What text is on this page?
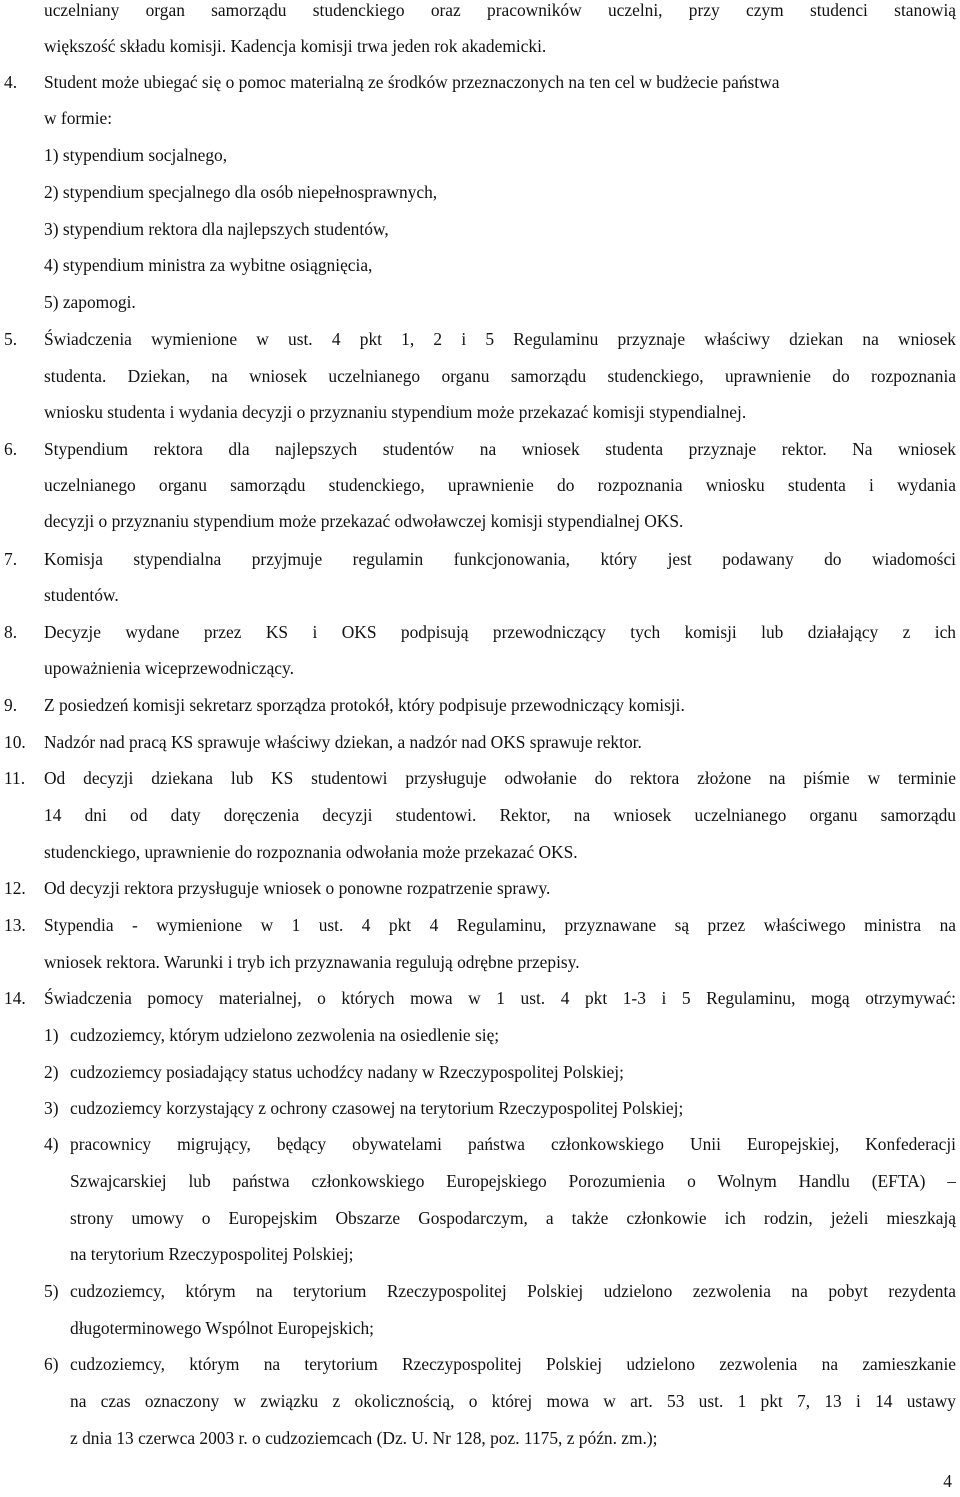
uczelniany organ samorządu studenckiego oraz pracowników uczelni, przy czym studenci stanowią
większość składu komisji. Kadencja komisji trwa jeden rok akademicki.
4. Student może ubiegać się o pomoc materialną ze środków przeznaczonych na ten cel w budżecie państwa
w formie:
1) stypendium socjalnego,
2) stypendium specjalnego dla osób niepełnosprawnych,
3) stypendium rektora dla najlepszych studentów,
4) stypendium ministra za wybitne osiągnięcia,
5) zapomogi.
5. Świadczenia wymienione w ust. 4 pkt 1, 2 i 5 Regulaminu przyznaje właściwy dziekan na wniosek
studenta. Dziekan, na wniosek uczelnianego organu samorządu studenckiego, uprawnienie do rozpoznania
wniosku studenta i wydania decyzji o przyznaniu stypendium może przekazać komisji stypendialnej.
6. Stypendium rektora dla najlepszych studentów na wniosek studenta przyznaje rektor. Na wniosek
uczelnianego organu samorządu studenckiego, uprawnienie do rozpoznania wniosku studenta i wydania
decyzji o przyznaniu stypendium może przekazać odwoławczej komisji stypendialnej OKS.
7. Komisja stypendialna przyjmuje regulamin funkcjonowania, który jest podawany do wiadomości
studentów.
8. Decyzje wydane przez KS i OKS podpisują przewodniczący tych komisji lub działający z ich
upoważnienia wiceprzewodniczący.
9. Z posiedzeń komisji sekretarz sporządza protokół, który podpisuje przewodniczący komisji.
10. Nadzór nad pracą KS sprawuje właściwy dziekan, a nadzór nad OKS sprawuje rektor.
11. Od decyzji dziekana lub KS studentowi przysługuje odwołanie do rektora złożone na piśmie w terminie
14 dni od daty doręczenia decyzji studentowi. Rektor, na wniosek uczelnianego organu samorządu
studenckiego, uprawnienie do rozpoznania odwołania może przekazać OKS.
12. Od decyzji rektora przysługuje wniosek o ponowne rozpatrzenie sprawy.
13. Stypendia - wymienione w 1 ust. 4 pkt 4 Regulaminu, przyznawane są przez właściwego ministra na
wniosek rektora. Warunki i tryb ich przyznawania regulują odrębne przepisy.
14. Świadczenia pomocy materialnej, o których mowa w 1 ust. 4 pkt 1-3 i 5 Regulaminu, mogą otrzymywać:
1) cudzoziemcy, którym udzielono zezwolenia na osiedlenie się;
2) cudzoziemcy posiadający status uchodźcy nadany w Rzeczypospolitej Polskiej;
3) cudzoziemcy korzystający z ochrony czasowej na terytorium Rzeczypospolitej Polskiej;
4) pracownicy migrujący, będący obywatelami państwa członkowskiego Unii Europejskiej, Konfederacji
Szwajcarskiej lub państwa członkowskiego Europejskiego Porozumienia o Wolnym Handlu (EFTA) –
strony umowy o Europejskim Obszarze Gospodarczym, a także członkowie ich rodzin, jeżeli mieszkają
na terytorium Rzeczypospolitej Polskiej;
5) cudzoziemcy, którym na terytorium Rzeczypospolitej Polskiej udzielono zezwolenia na pobyt rezydenta
długoterminowego Wspólnot Europejskich;
6) cudzoziemcy, którym na terytorium Rzeczypospolitej Polskiej udzielono zezwolenia na zamieszkanie
na czas oznaczony w związku z okolicznością, o której mowa w art. 53 ust. 1 pkt 7, 13 i 14 ustawy
z dnia 13 czerwca 2003 r. o cudzoziemcach (Dz. U. Nr 128, poz. 1175, z późn. zm.);
4
